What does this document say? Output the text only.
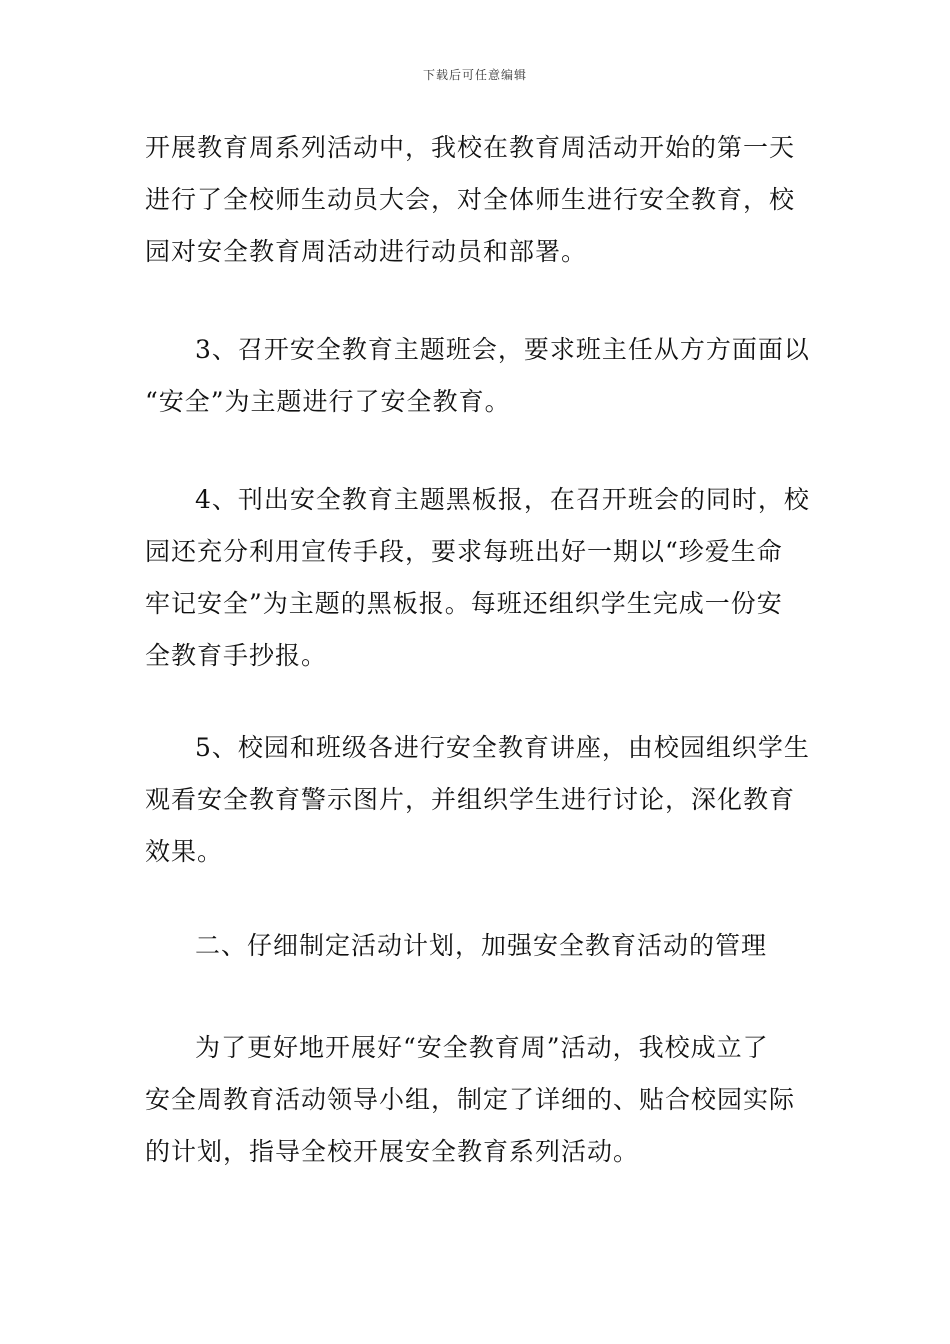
下载后可任意编辑
开展教育周系列活动中，我校在教育周活动开始的第一天
进行了全校师生动员大会，对全体师生进行安全教育，校
园对安全教育周活动进行动员和部署。
3、召开安全教育主题班会，要求班主任从方方面面以
“安全”为主题进行了安全教育。
4、刊出安全教育主题黑板报，在召开班会的同时，校
园还充分利用宣传手段，要求每班出好一期以“珍爱生命
牢记安全”为主题的黑板报。每班还组织学生完成一份安
全教育手抄报。
5、校园和班级各进行安全教育讲座，由校园组织学生
观看安全教育警示图片，并组织学生进行讨论，深化教育
效果。
二、仔细制定活动计划，加强安全教育活动的管理
为了更好地开展好“安全教育周”活动，我校成立了
安全周教育活动领导小组，制定了详细的、贴合校园实际
的计划，指导全校开展安全教育系列活动。
